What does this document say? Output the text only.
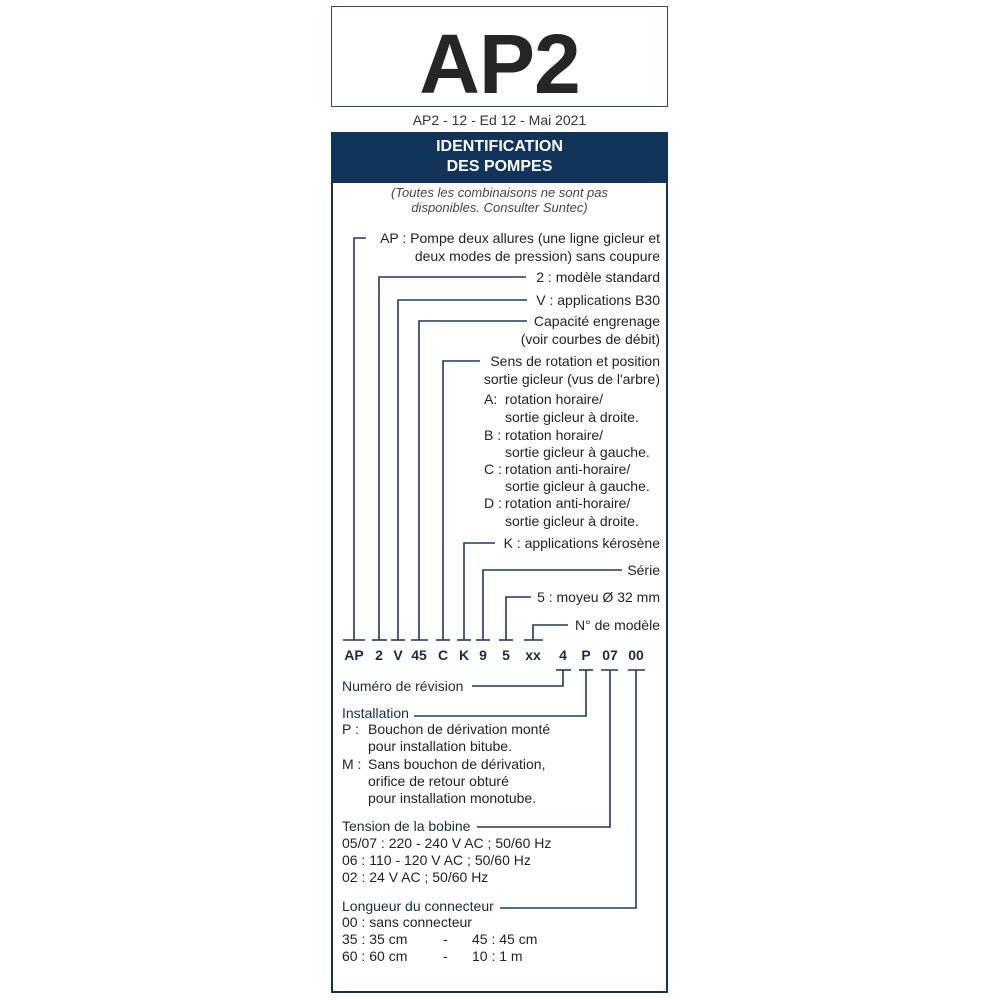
AP2
AP2 - 12 - Ed 12 - Mai 2021
IDENTIFICATION
DES POMPES
(Toutes les combinaisons ne sont pas
disponibles. Consulter Suntec)
AP : Pompe deux allures (une ligne gicleur et
deux modes de pression) sans coupure
2 : modèle standard
V : applications B30
Capacité engrenage
(voir courbes de débit)
Sens de rotation et position
sortie gicleur (vus de l'arbre)
A: rotation horaire/
sortie gicleur à droite.
B : rotation horaire/
sortie gicleur à gauche.
C : rotation anti-horaire/
sortie gicleur à gauche.
D : rotation anti-horaire/
sortie gicleur à droite.
K : applications kérosène
Série
5 : moyeu Ø 32 mm
N° de modèle
AP 2 V 45 C K 9	5	xx	4	P 07 00
Numéro de révision
Installation
P : Bouchon de dérivation monté
pour installation bitube.
M : Sans bouchon de dérivation,
orifice de retour obturé
pour installation monotube.
Tension de la bobine
05/07 : 220 - 240 V AC ; 50/60 Hz
06 : 110 - 120 V AC ; 50/60 Hz
02 : 24 V AC ; 50/60 Hz
Longueur du connecteur
00 : sans connecteur
35 : 35 cm	- 45 : 45 cm
60 : 60 cm	- 10 : 1 m
